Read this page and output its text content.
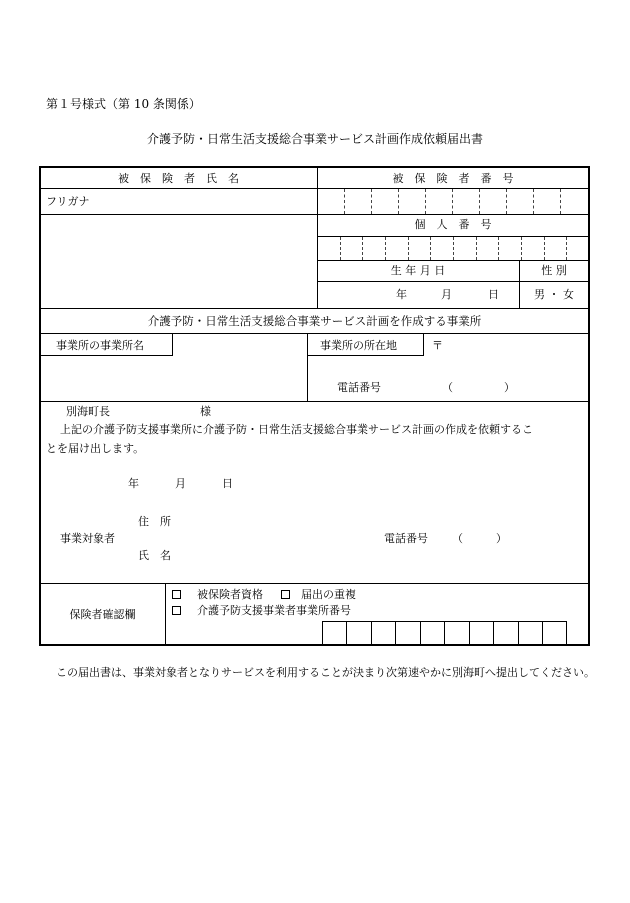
第１号様式（第 10 条関係）
介護予防・日常生活支援総合事業サービス計画作成依頼届出書
被　保　険　者　氏　名	被　保　険　者　番　号
フリガナ
個　人　番　号
生 年 月 日	性 別
年	月	日	男 ・ 女
介護予防・日常生活支援総合事業サービス計画を作成する事業所
事業所の事業所名	事業所の所在地	〒
電話番号	（	）
別海町長	様
上記の介護予防支援事業所に介護予防・日常生活支援総合事業サービス計画の作成を依頼するこ
とを届け出します。
年	月	日
住　所
事業対象者	電話番号 （　　　）
氏　名
保険者確認欄
被保険者資格	届出の重複
介護予防支援事業者事業所番号
この届出書は、事業対象者となりサービスを利用することが決まり次第速やかに別海町へ提出してください。
